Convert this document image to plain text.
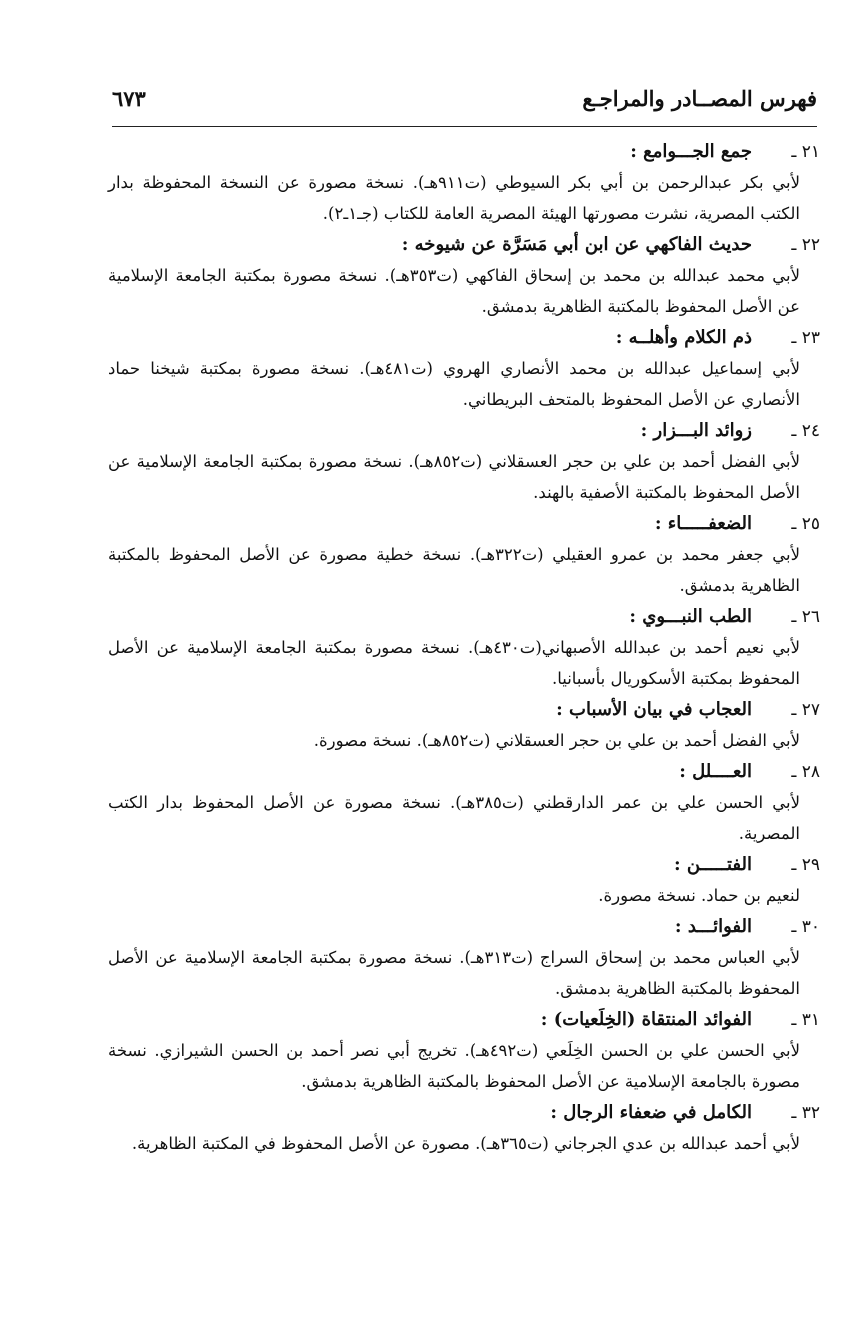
فهرس المصــادر والمراجـع
٦٧٣
٢١ ـجمع الجـــوامع :
لأبي بكر عبدالرحمن بن أبي بكر السيوطي (ت٩١١هـ). نسخة مصورة عن النسخة المحفوظة بدار الكتب المصرية، نشرت مصورتها الهيئة المصرية العامة للكتاب (جـ١ـ٢).
٢٢ ـحديث الفاكهي عن ابن أبي مَسَرَّة عن شيوخه :
لأبي محمد عبدالله بن محمد بن إسحاق الفاكهي (ت٣٥٣هـ). نسخة مصورة بمكتبة الجامعة الإسلامية عن الأصل المحفوظ بالمكتبة الظاهرية بدمشق.
٢٣ ـذم الكلام وأهلــه :
لأبي إسماعيل عبدالله بن محمد الأنصاري الهروي (ت٤٨١هـ). نسخة مصورة بمكتبة شيخنا حماد الأنصاري عن الأصل المحفوظ بالمتحف البريطاني.
٢٤ ـزوائد البـــزار :
لأبي الفضل أحمد بن علي بن حجر العسقلاني (ت٨٥٢هـ). نسخة مصورة بمكتبة الجامعة الإسلامية عن الأصل المحفوظ بالمكتبة الأصفية بالهند.
٢٥ ـالضعفـــــاء :
لأبي جعفر محمد بن عمرو العقيلي (ت٣٢٢هـ). نسخة خطية مصورة عن الأصل المحفوظ بالمكتبة الظاهرية بدمشق.
٢٦ ـالطب النبـــوي :
لأبي نعيم أحمد بن عبدالله الأصبهاني(ت٤٣٠هـ). نسخة مصورة بمكتبة الجامعة الإسلامية عن الأصل المحفوظ بمكتبة الأسكوريال بأسبانيا.
٢٧ ـالعجاب في بيان الأسباب :
لأبي الفضل أحمد بن علي بن حجر العسقلاني (ت٨٥٢هـ). نسخة مصورة.
٢٨ ـالعــــلل :
لأبي الحسن علي بن عمر الدارقطني (ت٣٨٥هـ). نسخة مصورة عن الأصل المحفوظ بدار الكتب المصرية.
٢٩ ـالفتـــــن :
لنعيم بن حماد. نسخة مصورة.
٣٠ ـالفوائـــد :
لأبي العباس محمد بن إسحاق السراج (ت٣١٣هـ). نسخة مصورة بمكتبة الجامعة الإسلامية عن الأصل المحفوظ بالمكتبة الظاهرية بدمشق.
٣١ ـالفوائد المنتقاة (الخِلَعيات) :
لأبي الحسن علي بن الحسن الخِلَعي (ت٤٩٢هـ). تخريج أبي نصر أحمد بن الحسن الشيرازي. نسخة مصورة بالجامعة الإسلامية عن الأصل المحفوظ بالمكتبة الظاهرية بدمشق.
٣٢ ـالكامل في ضعفاء الرجال :
لأبي أحمد عبدالله بن عدي الجرجاني (ت٣٦٥هـ). مصورة عن الأصل المحفوظ في المكتبة الظاهرية.
